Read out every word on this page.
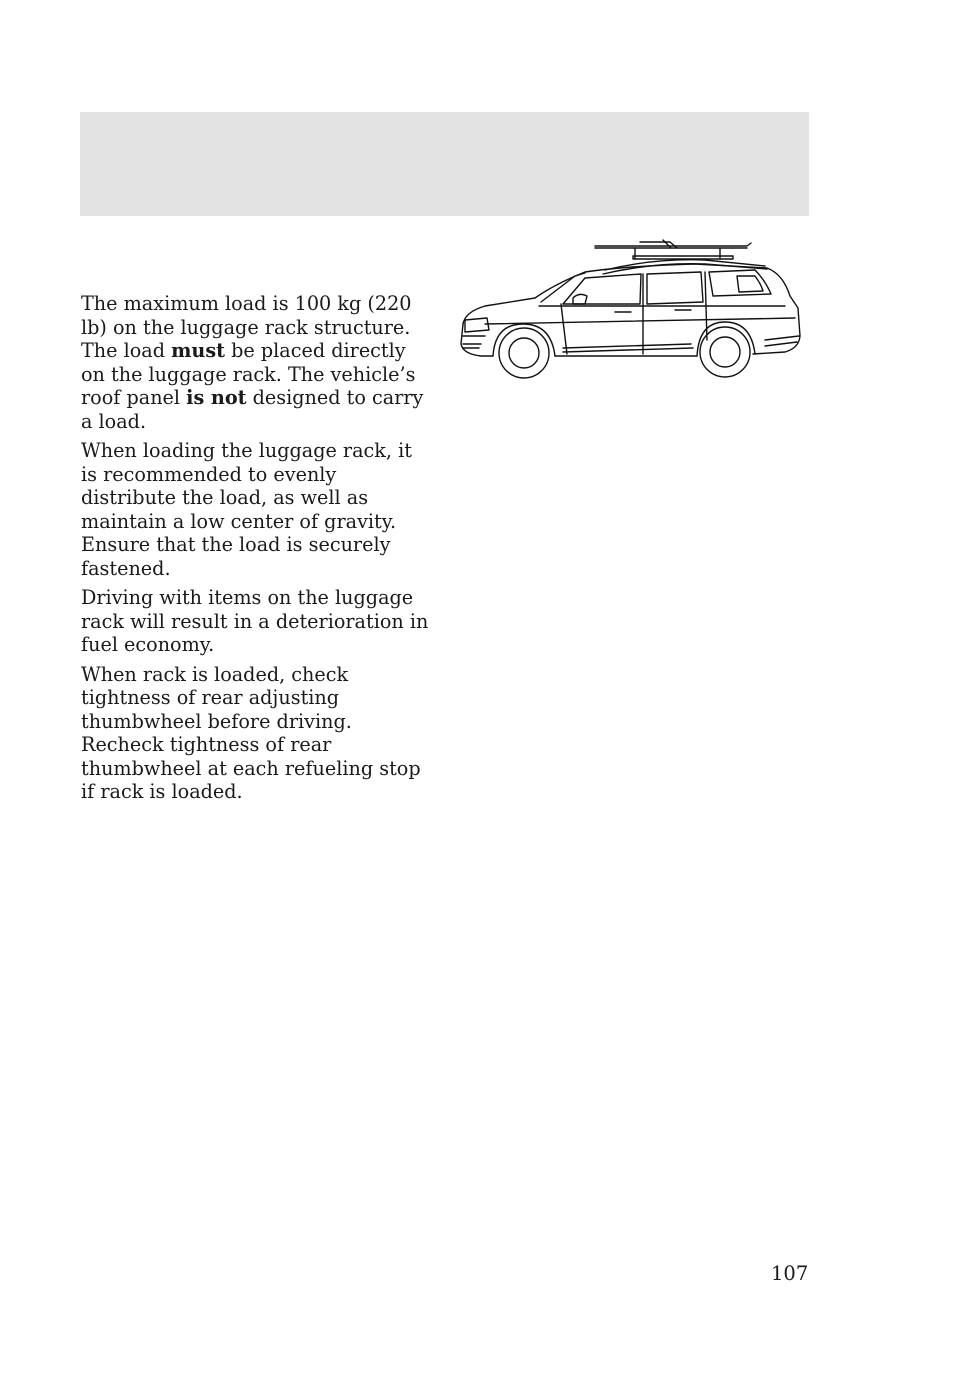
The maximum load is 100 kg (220 lb) on the luggage rack structure. The load must be placed directly on the luggage rack. The vehicle’s roof panel is not designed to carry a load.

When loading the luggage rack, it is recommended to evenly distribute the load, as well as maintain a low center of gravity. Ensure that the load is securely fastened.

Driving with items on the luggage rack will result in a deterioration in fuel economy.

When rack is loaded, check tightness of rear adjusting thumbwheel before driving. Recheck tightness of rear thumbwheel at each refueling stop if rack is loaded.

107
